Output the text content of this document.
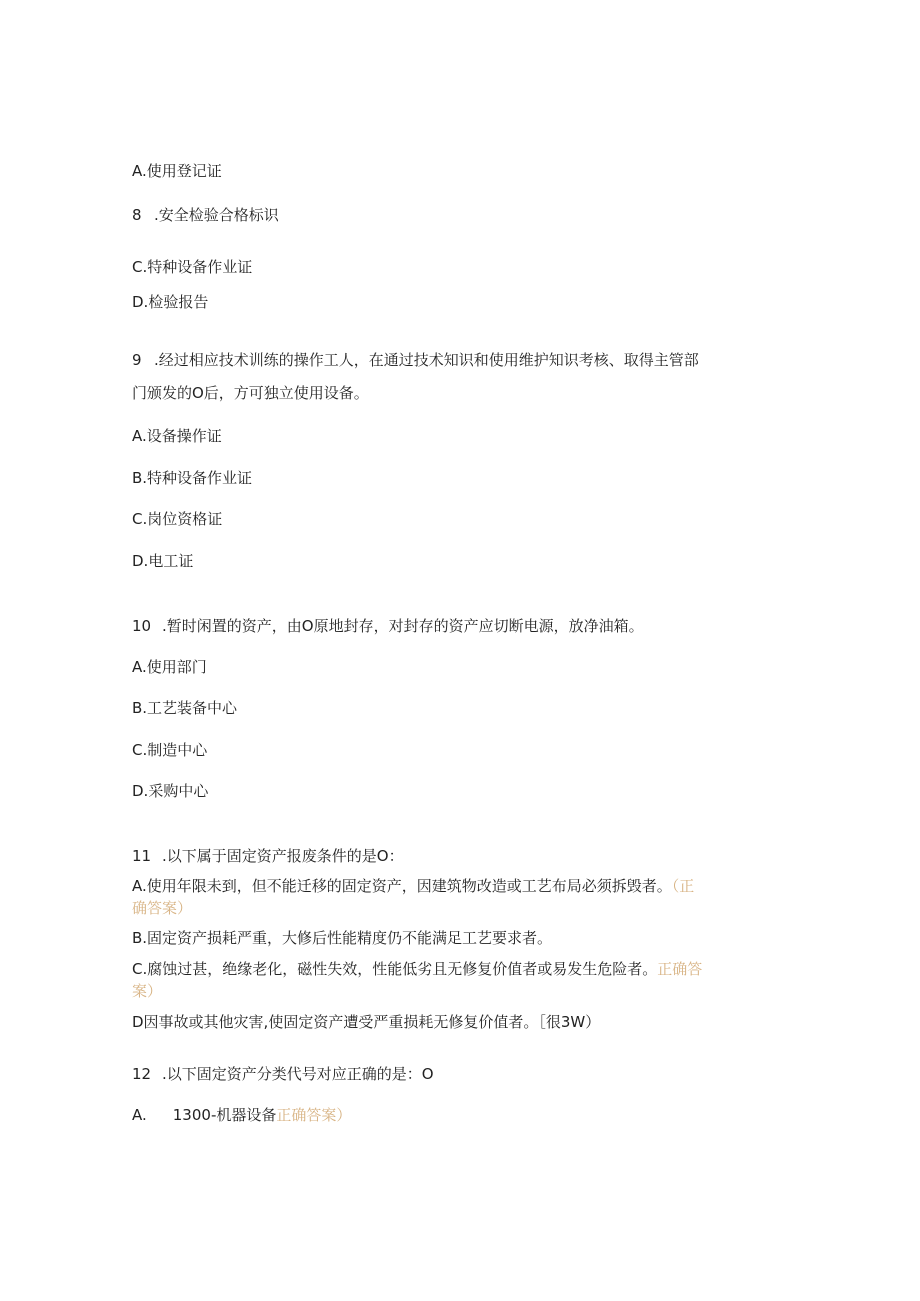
A.使用登记证
8 .安全检验合格标识
C.特种设备作业证
D.检验报告
9 .经过相应技术训练的操作工人，在通过技术知识和使用维护知识考核、取得主管部
门颁发的O后，方可独立使用设备。
A.设备操作证
B.特种设备作业证
C.岗位资格证
D.电工证
10 .暂时闲置的资产，由O原地封存，对封存的资产应切断电源，放净油箱。
A.使用部门
B.工艺装备中心
C.制造中心
D.采购中心
11 .以下属于固定资产报废条件的是O：
A.使用年限未到，但不能迁移的固定资产，因建筑物改造或工艺布局必须拆毁者。（正
确答案）
B.固定资产损耗严重，大修后性能精度仍不能满足工艺要求者。
C.腐蚀过甚，绝缘老化，磁性失效，性能低劣且无修复价值者或易发生危险者。正确答
案）
D因事故或其他灾害,使固定资产遭受严重损耗无修复价值者。［很3W）
12 .以下固定资产分类代号对应正确的是：O
A. 1300-机器设备正确答案）
